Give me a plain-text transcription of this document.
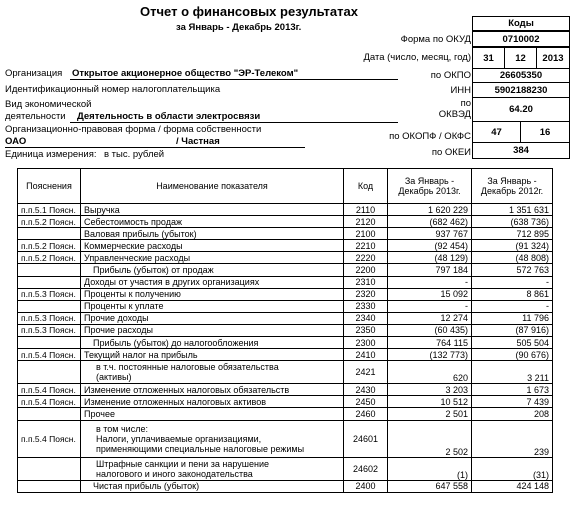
Отчет о финансовых результатах
за Январь - Декабрь 2013г.	Коды
Форма по ОКУД	0710002
Дата (число, месяц, год)	31	12	2013
по ОКПО	26605350
ИНН	5902188230
по
ОКВЭД	64.20
по ОКОПФ / ОКФС	47	16
по ОКЕИ	384
Организация Открытое акционерное общество "ЭР-Телеком"
Идентификационный номер налогоплательщика
Вид экономической
деятельности Деятельность в области электросвязи
Организационно-правовая форма / форма собственности
ОАО	/ Частная
Единица измерения: в тыс. рублей
Пояснения	Наименование показателя	Код	За Январь - Декабрь 2013г.	За Январь - Декабрь 2012г.
п.п.5.1 Поясн.	Выручка	2110	1 620 229	1 351 631
п.п.5.2 Поясн.	Себестоимость продаж	2120	(682 462)	(638 736)
	Валовая прибыль (убыток)	2100	937 767	712 895
п.п.5.2 Поясн.	Коммерческие расходы	2210	(92 454)	(91 324)
п.п.5.2 Поясн.	Управленческие расходы	2220	(48 129)	(48 808)
	Прибыль (убыток) от продаж	2200	797 184	572 763
	Доходы от участия в других организациях	2310	-	-
п.п.5.3 Поясн.	Проценты к получению	2320	15 092	8 861
	Проценты к уплате	2330	-	-
п.п.5.3 Поясн.	Прочие доходы	2340	12 274	11 796
п.п.5.3 Поясн.	Прочие расходы	2350	(60 435)	(87 916)
	Прибыль (убыток) до налогообложения	2300	764 115	505 504
п.п.5.4 Поясн.	Текущий налог на прибыль	2410	(132 773)	(90 676)

	в т.ч. постоянные налоговые обязательства
(активы)	2421	620	3 211
п.п.5.4 Поясн.	Изменение отложенных налоговых обязательств	2430	3 203	1 673
п.п.5.4 Поясн.	Изменение отложенных налоговых активов	2450	10 512	7 439
	Прочее	2460	2 501	208
п.п.5.4 Поясн.	в том числе:
Налоги, уплачиваемые организациями,
применяющими специальные налоговые режимы	24601	2 502	239

	Штрафные санкции и пени за нарушение
налогового и иного законодательства	24602	(1)	(31)
	Чистая прибыль (убыток)	2400	647 558	424 148
